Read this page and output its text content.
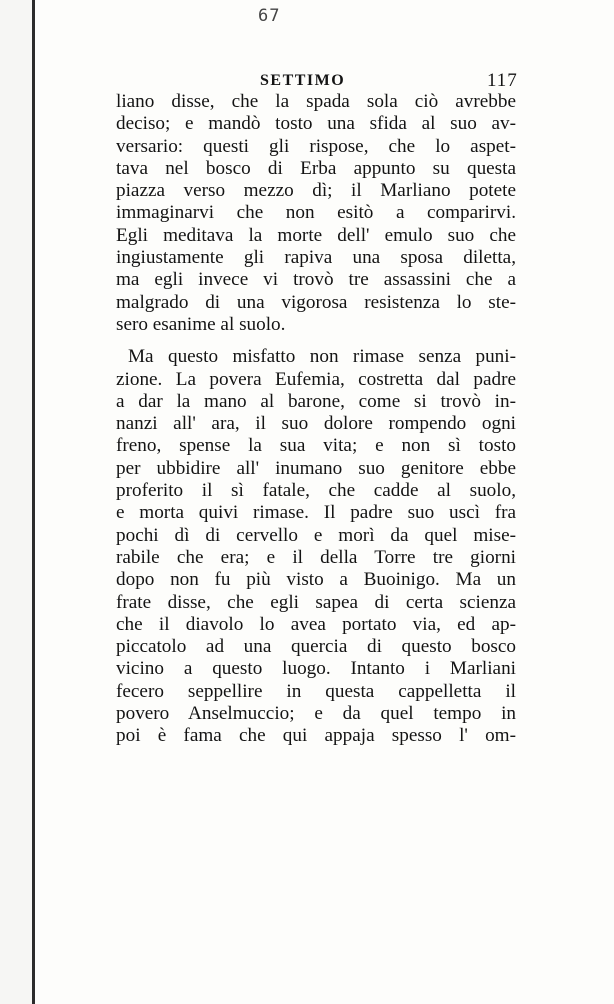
67
SETTIMO	117
liano disse, che la spada sola ciò avrebbe
deciso; e mandò tosto una sfida al suo av-
versario: questi gli rispose, che lo aspet-
tava nel bosco di Erba appunto su questa
piazza verso mezzo dì; il Marliano potete
immaginarvi che non esitò a comparirvi.
Egli meditava la morte dell' emulo suo che
ingiustamente gli rapiva una sposa diletta,
ma egli invece vi trovò tre assassini che a
malgrado di una vigorosa resistenza lo ste-
sero esanime al suolo.
Ma questo misfatto non rimase senza puni-
zione. La povera Eufemia, costretta dal padre
a dar la mano al barone, come si trovò in-
nanzi all' ara, il suo dolore rompendo ogni
freno, spense la sua vita; e non sì tosto
per ubbidire all' inumano suo genitore ebbe
proferito il sì fatale, che cadde al suolo,
e morta quivi rimase. Il padre suo uscì fra
pochi dì di cervello e morì da quel mise-
rabile che era; e il della Torre tre giorni
dopo non fu più visto a Buoinigo. Ma un
frate disse, che egli sapea di certa scienza
che il diavolo lo avea portato via, ed ap-
piccatolo ad una quercia di questo bosco
vicino a questo luogo. Intanto i Marliani
fecero seppellire in questa cappelletta il
povero Anselmuccio; e da quel tempo in
poi è fama che qui appaja spesso l' om-
